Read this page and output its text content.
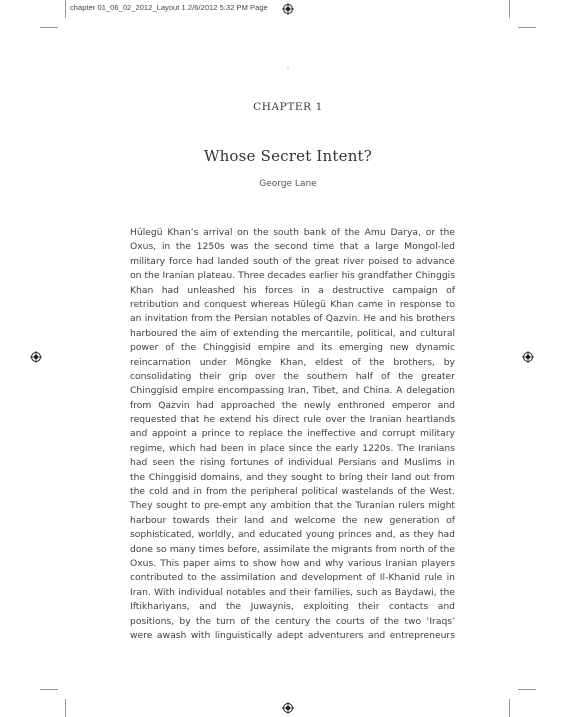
chapter 01_06_02_2012_Layout 1 2/6/2012 5:32 PM Page
CHAPTER 1
Whose Secret Intent?
George Lane
Hülegü Khan’s arrival on the south bank of the Amu Darya, or the
Oxus, in the 1250s was the second time that a large Mongol-led
military force had landed south of the great river poised to advance
on the Iranian plateau. Three decades earlier his grandfather Chinggis
Khan had unleashed his forces in a destructive campaign of
retribution and conquest whereas Hülegü Khan came in response to
an invitation from the Persian notables of Qazvin. He and his brothers
harboured the aim of extending the mercantile, political, and cultural
power of the Chinggisid empire and its emerging new dynamic
reincarnation under Möngke Khan, eldest of the brothers, by
consolidating their grip over the southern half of the greater
Chinggisid empire encompassing Iran, Tibet, and China. A delegation
from Qazvin had approached the newly enthroned emperor and
requested that he extend his direct rule over the Iranian heartlands
and appoint a prince to replace the ineffective and corrupt military
regime, which had been in place since the early 1220s. The Iranians
had seen the rising fortunes of individual Persians and Muslims in
the Chinggisid domains, and they sought to bring their land out from
the cold and in from the peripheral political wastelands of the West.
They sought to pre-empt any ambition that the Turanian rulers might
harbour towards their land and welcome the new generation of
sophisticated, worldly, and educated young princes and, as they had
done so many times before, assimilate the migrants from north of the
Oxus. This paper aims to show how and why various Iranian players
contributed to the assimilation and development of Il-Khanid rule in
Iran. With individual notables and their families, such as Baydawi, the
Iftikhariyans, and the Juwaynis, exploiting their contacts and
positions, by the turn of the century the courts of the two ‘Iraqs’
were awash with linguistically adept adventurers and entrepreneurs
